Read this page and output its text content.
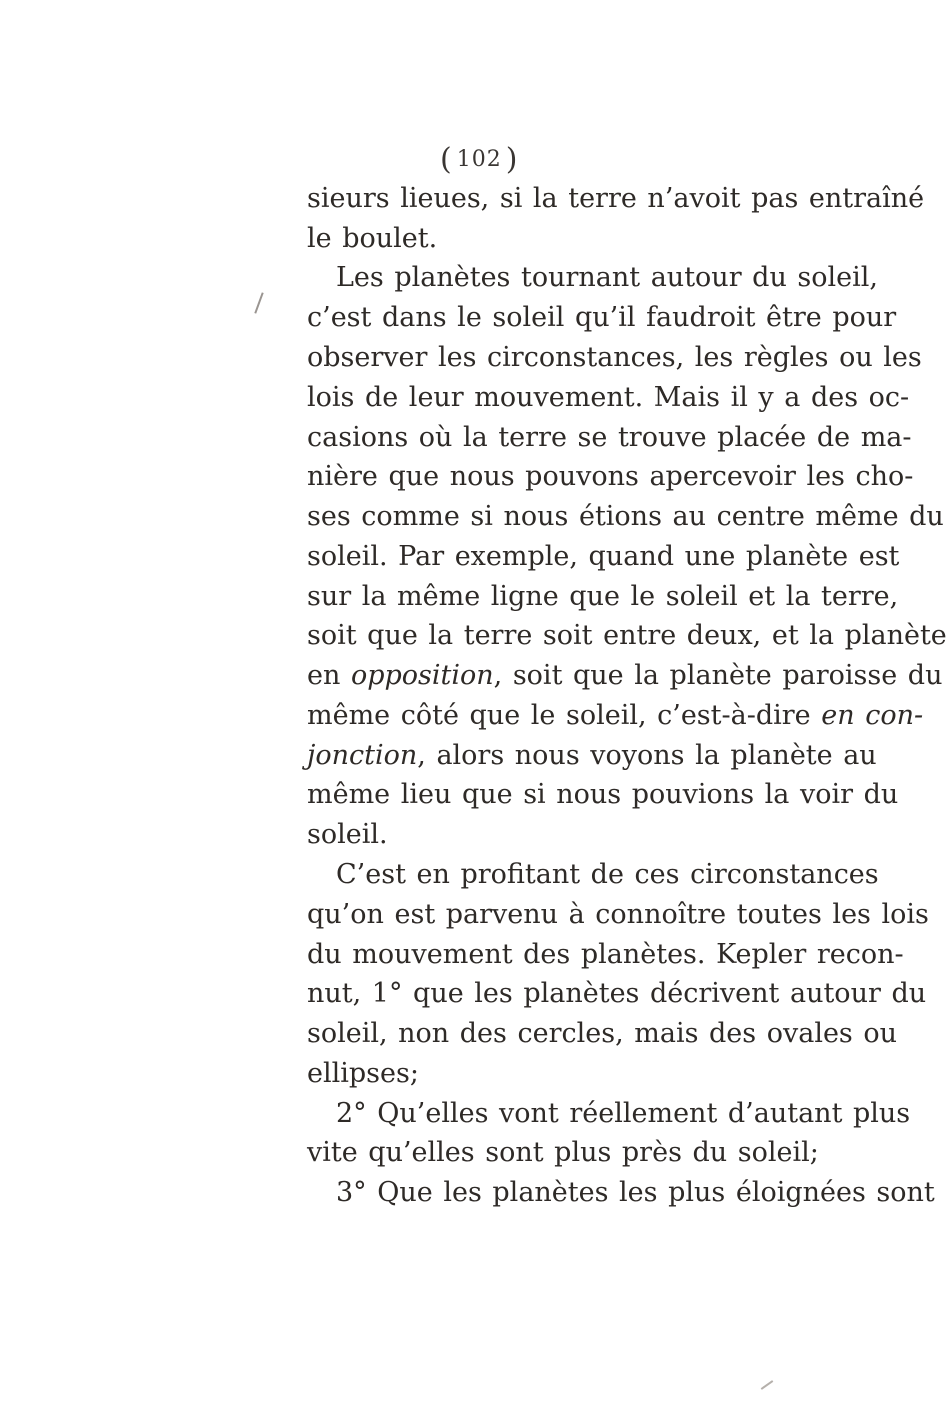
( 102 )
sieurs lieues, si la terre n’avoit pas entraîné
le boulet.
Les planètes tournant autour du soleil,
c’est dans le soleil qu’il faudroit être pour
observer les circonstances, les règles ou les
lois de leur mouvement. Mais il y a des oc-
casions où la terre se trouve placée de ma-
nière que nous pouvons apercevoir les cho-
ses comme si nous étions au centre même du
soleil. Par exemple, quand une planète est
sur la même ligne que le soleil et la terre,
soit que la terre soit entre deux, et la planète
en opposition, soit que la planète paroisse du
même côté que le soleil, c’est-à-dire en con-
jonction, alors nous voyons la planète au
même lieu que si nous pouvions la voir du
soleil.
C’est en profitant de ces circonstances
qu’on est parvenu à connoître toutes les lois
du mouvement des planètes. Kepler recon-
nut, 1° que les planètes décrivent autour du
soleil, non des cercles, mais des ovales ou
ellipses;
2° Qu’elles vont réellement d’autant plus
vite qu’elles sont plus près du soleil;
3° Que les planètes les plus éloignées sont
